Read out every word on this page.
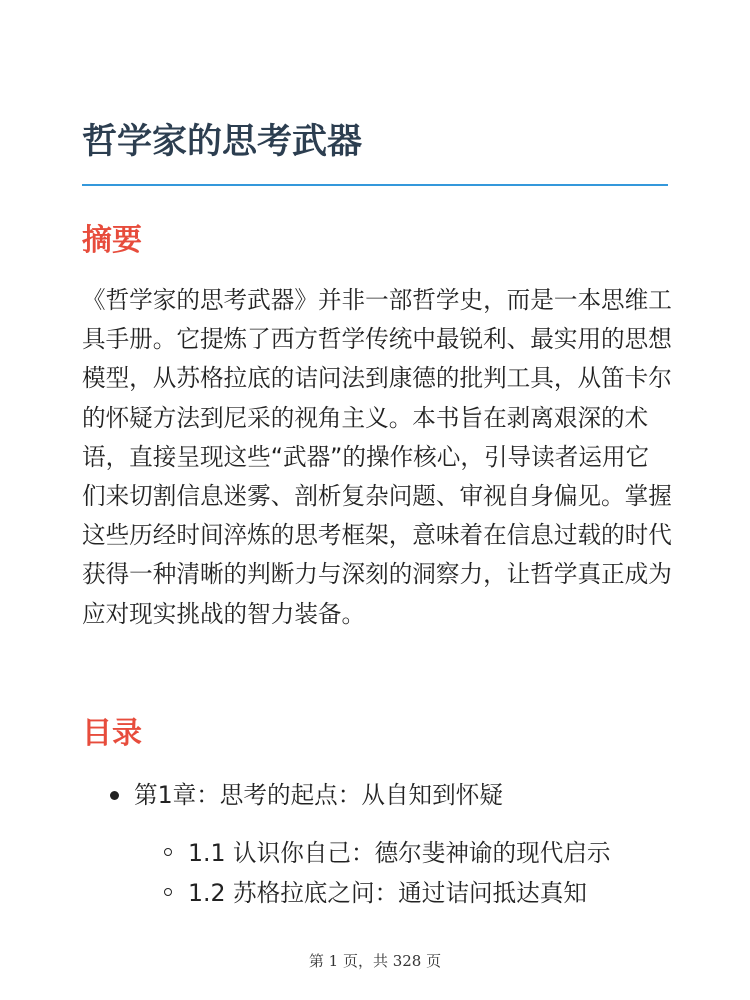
哲学家的思考武器
摘要

《哲学家的思考武器》并非一部哲学史，而是一本思维工具手册。它提炼了西方哲学传统中最锐利、最实用的思想模型，从苏格拉底的诘问法到康德的批判工具，从笛卡尔的怀疑方法到尼采的视角主义。本书旨在剥离艰深的术语，直接呈现这些“武器”的操作核心，引导读者运用它们来切割信息迷雾、剖析复杂问题、审视自身偏见。掌握这些历经时间淬炼的思考框架，意味着在信息过载的时代获得一种清晰的判断力与深刻的洞察力，让哲学真正成为应对现实挑战的智力装备。

目录
第1章：思考的起点：从自知到怀疑
1.1 认识你自己：德尔斐神谕的现代启示
1.2 苏格拉底之问：通过诘问抵达真知
第 1 页，共 328 页
